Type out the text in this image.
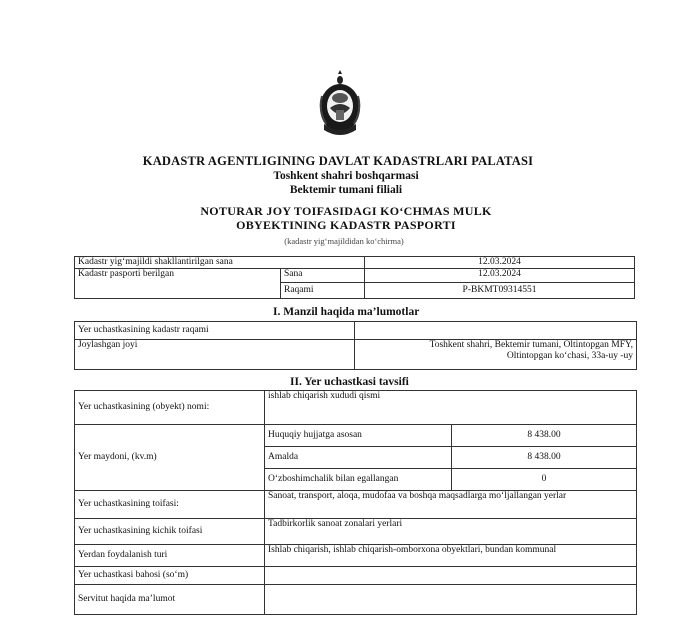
KADASTR AGENTLIGINING DAVLAT KADASTRLARI PALATASI
Toshkent shahri boshqarmasi
Bektemir tumani filiali
NOTURAR JOY TOIFASIDAGI KO‘CHMAS MULK
OBYEKTINING KADASTR PASPORTI
(kadastr yig‘majildidan ko‘chirma)
Kadastr yig‘majildi shakllantirilgan sana		12.03.2024
Kadastr pasporti berilgan	Sana	12.03.2024
	Raqami	P-BKMT09314551
I. Manzil haqida ma’lumotlar
Yer uchastkasining kadastr raqami	
Joylashgan joyi	Toshkent shahri, Bektemir tumani, Oltintopgan MFY,
Oltintopgan ko‘chasi, 33a-uy -uy
II. Yer uchastkasi tavsifi
Yer uchastkasining (obyekt) nomi:	ishlab chiqarish xududi qismi	
Yer maydoni, (kv.m)	Huquqiy hujjatga asosan	8 438.00
	Amalda	8 438.00
	O‘zboshimchalik bilan egallangan	0
Yer uchastkasining toifasi:	Sanoat, transport, aloqa, mudofaa va boshqa maqsadlarga mo‘ljallangan yerlar	
Yer uchastkasining kichik toifasi	Tadbirkorlik sanoat zonalari yerlari	
Yerdan foydalanish turi	Ishlab chiqarish, ishlab chiqarish-omborxona obyektlari, bundan kommunal	
Yer uchastkasi bahosi (so‘m)		
Servitut haqida ma’lumot		
